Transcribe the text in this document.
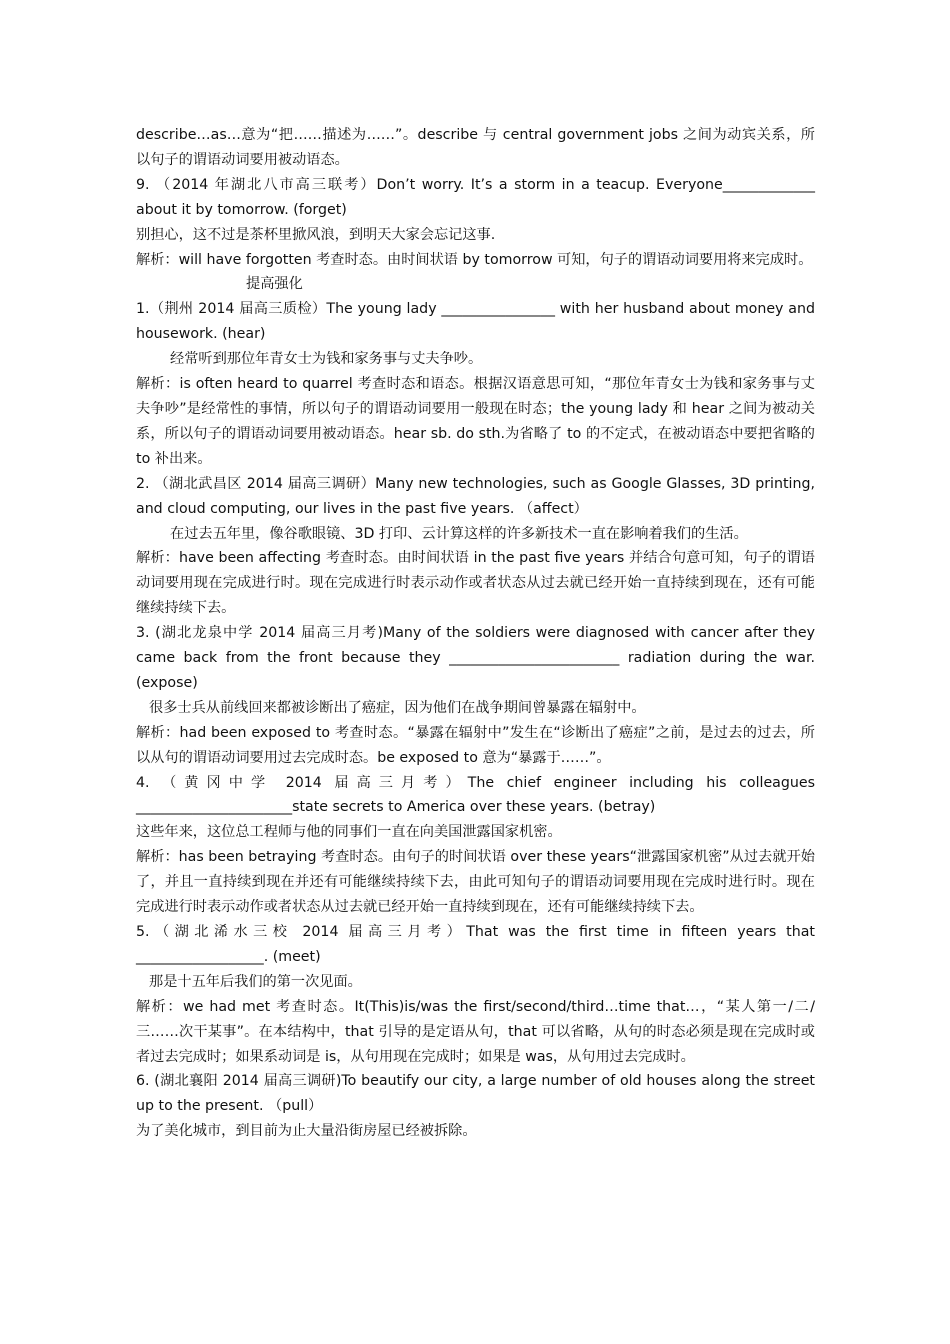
describe…as…意为“把……描述为……”。describe 与 central government jobs 之间为动宾关系，所以句子的谓语动词要用被动语态。

9. （2014 年湖北八市高三联考）Don’t worry. It’s a storm in a teacup. Everyone_____________ about it by tomorrow. (forget)

别担心，这不过是茶杯里掀风浪，到明天大家会忘记这事.

解析：will have forgotten 考查时态。由时间状语 by tomorrow 可知，句子的谓语动词要用将来完成时。

提高强化

1.（荆州 2014 届高三质检）The young lady ________________ with her husband about money and housework. (hear)

经常听到那位年青女士为钱和家务事与丈夫争吵。

解析：is often heard to quarrel 考查时态和语态。根据汉语意思可知，“那位年青女士为钱和家务事与丈夫争吵”是经常性的事情，所以句子的谓语动词要用一般现在时态；the young lady 和 hear 之间为被动关系，所以句子的谓语动词要用被动语态。hear sb. do sth.为省略了 to 的不定式，在被动语态中要把省略的 to 补出来。

2. （湖北武昌区 2014 届高三调研）Many new technologies, such as Google Glasses, 3D printing, and cloud computing, our lives in the past five years. （affect）

在过去五年里，像谷歌眼镜、3D 打印、云计算这样的许多新技术一直在影响着我们的生活。

解析：have been affecting 考查时态。由时间状语 in the past five years 并结合句意可知，句子的谓语动词要用现在完成进行时。现在完成进行时表示动作或者状态从过去就已经开始一直持续到现在，还有可能继续持续下去。

3. (湖北龙泉中学 2014 届高三月考)Many of the soldiers were diagnosed with cancer after they came back from the front because they ________________________ radiation during the war. (expose)

很多士兵从前线回来都被诊断出了癌症，因为他们在战争期间曾暴露在辐射中。

解析：had been exposed to 考查时态。“暴露在辐射中”发生在“诊断出了癌症”之前，是过去的过去，所以从句的谓语动词要用过去完成时态。be exposed to 意为“暴露于……”。

4. （黄冈中学 2014 届高三月考）The chief engineer including his colleagues ______________________state secrets to America over these years. (betray)

这些年来，这位总工程师与他的同事们一直在向美国泄露国家机密。

解析：has been betraying 考查时态。由句子的时间状语 over these years“泄露国家机密”从过去就开始了，并且一直持续到现在并还有可能继续持续下去，由此可知句子的谓语动词要用现在完成时进行时。现在完成进行时表示动作或者状态从过去就已经开始一直持续到现在，还有可能继续持续下去。

5.（湖北浠水三校 2014 届高三月考）That was the first time in fifteen years that __________________. (meet)

那是十五年后我们的第一次见面。

解析：we had met 考查时态。It(This)is/was the first/second/third…time that…，“某人第一/二/三……次干某事”。在本结构中，that 引导的是定语从句，that 可以省略，从句的时态必须是现在完成时或者过去完成时；如果系动词是 is，从句用现在完成时；如果是 was，从句用过去完成时。

6. (湖北襄阳 2014 届高三调研)To beautify our city, a large number of old houses along the street up to the present. （pull）

为了美化城市，到目前为止大量沿街房屋已经被拆除。
